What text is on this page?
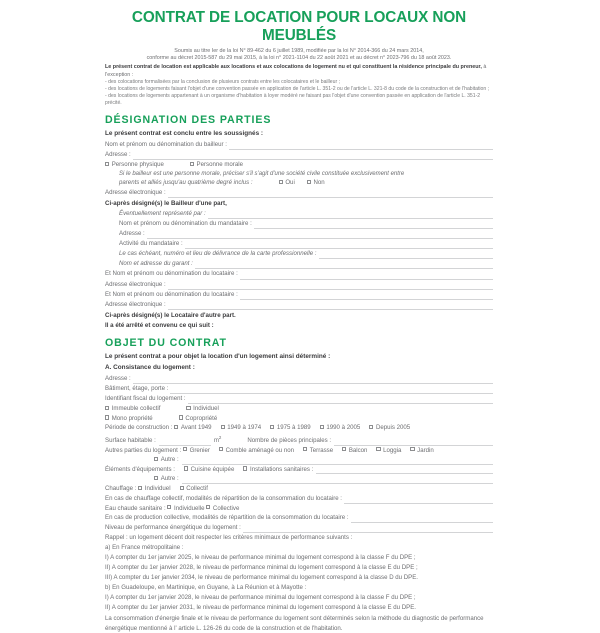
CONTRAT DE LOCATION POUR LOCAUX NON MEUBLÉS
Soumis au titre Ier de la loi N° 89-462 du 6 juillet 1989, modifiée par la loi N° 2014-366 du 24 mars 2014,
conforme au décret 2015-587 du 29 mai 2015, à la loi n° 2021-1104 du 22 août 2021 et au décret n° 2023-796 du 18 août 2023.
Le présent contrat de location est applicable aux locations et aux colocations de logement nu et qui constituent la résidence principale du preneur, à l'exception :
- des colocations formalisées par la conclusion de plusieurs contrats entre les colocataires et le bailleur ;
- des locations de logements faisant l'objet d'une convention passée en application de l'article L. 351-2 ou de l'article L. 321-8 du code de la construction et de l'habitation ;
- des locations de logements appartenant à un organisme d'habitation à loyer modéré ne faisant pas l'objet d'une convention passée en application de l'article L. 351-2 précité.
DÉSIGNATION DES PARTIES
Le présent contrat est conclu entre les soussignés :
Nom et prénom ou dénomination du bailleur :
Adresse :
Personne physique	Personne morale
Si le bailleur est une personne morale, préciser s'il s'agit d'une société civile constituée exclusivement entre
parents et alliés jusqu'au quatrième degré inclus :	Oui	Non
Adresse électronique :
Ci-après désigné(s) le Bailleur d'une part,
Éventuellement représenté par :
Nom et prénom ou dénomination du mandataire :
Adresse :
Activité du mandataire :
Le cas échéant, numéro et lieu de délivrance de la carte professionnelle :
Nom et adresse du garant :
Et Nom et prénom ou dénomination du locataire :
Adresse électronique :
Et Nom et prénom ou dénomination du locataire :
Adresse électronique :
Ci-après désigné(s) le Locataire d'autre part.
Il a été arrêté et convenu ce qui suit :
OBJET DU CONTRAT
Le présent contrat a pour objet la location d'un logement ainsi déterminé :
A. Consistance du logement :
Adresse :
Bâtiment, étage, porte :
Identifiant fiscal du logement :
Immeuble collectif	Individuel
Mono propriété	Copropriété
Période de construction :
	Avant 1949	1949 à 1974	1975 à 1989	1990 à 2005	Depuis 2005
Surface habitable :	$m^2$	Nombre de pièces principales :
Autres parties du logement :
	Grenier	Comble aménagé ou non	Terrasse	Balcon	Loggia	Jardin
Autre :
Éléments d'équipements :	Cuisine équipée	Installations sanitaires :
Autre :
Chauffage :
	Individuel	Collectif
En cas de chauffage collectif, modalités de répartition de la consommation du locataire :
Eau chaude sanitaire :
	Individuelle
	Collective
En cas de production collective, modalités de répartition de la consommation du locataire :
Niveau de performance énergétique du logement :
Rappel : un logement décent doit respecter les critères minimaux de performance suivants :
a) En France métropolitaine :
I) A compter du 1er janvier 2025, le niveau de performance minimal du logement correspond à la classe F du DPE ;
II) A compter du 1er janvier 2028, le niveau de performance minimal du logement correspond à la classe E du DPE ;
III) A compter du 1er janvier 2034, le niveau de performance minimal du logement correspond à la classe D du DPE.
b) En Guadeloupe, en Martinique, en Guyane, à La Réunion et à Mayotte :
I) A compter du 1er janvier 2028, le niveau de performance minimal du logement correspond à la classe F du DPE ;
II) A compter du 1er janvier 2031, le niveau de performance minimal du logement correspond à la classe E du DPE.
La consommation d'énergie finale et le niveau de performance du logement sont déterminés selon la méthode du diagnostic de performance énergétique mentionné à l' article L. 126-26 du code de la construction et de l'habitation.
